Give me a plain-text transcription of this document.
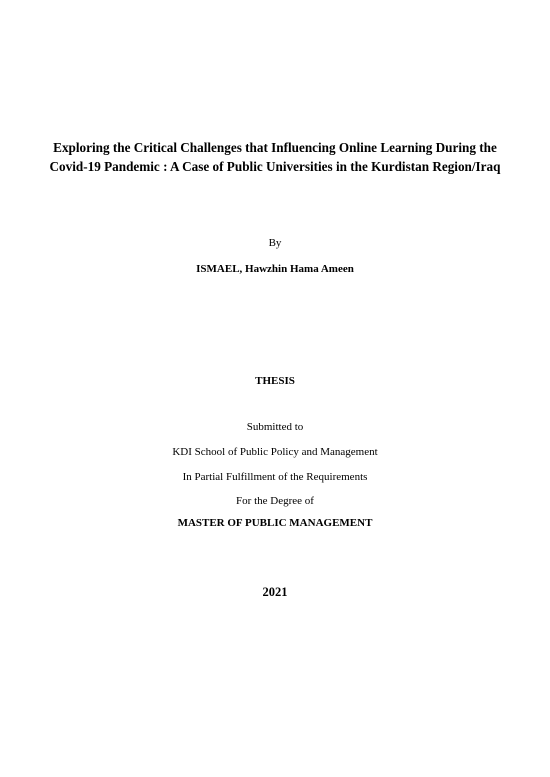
Exploring the Critical Challenges that Influencing Online Learning During the
Covid-19 Pandemic : A Case of Public Universities in the Kurdistan Region/Iraq
By
ISMAEL, Hawzhin Hama Ameen
THESIS
Submitted to
KDI School of Public Policy and Management
In Partial Fulfillment of the Requirements
For the Degree of
MASTER OF PUBLIC MANAGEMENT
2021
